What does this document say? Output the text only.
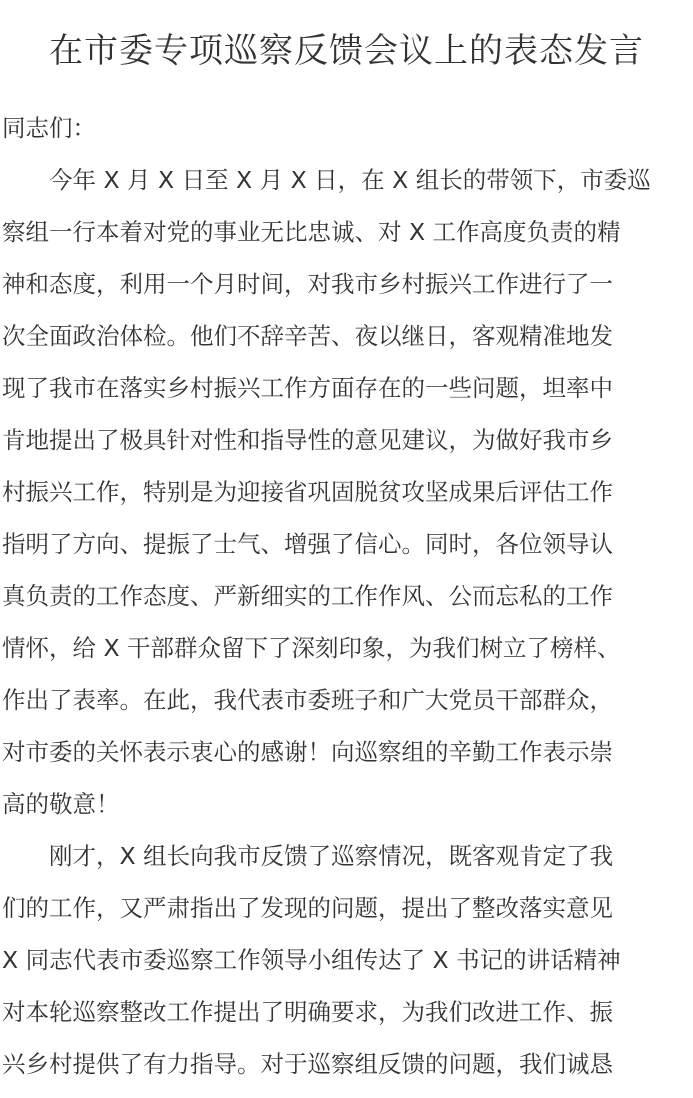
在市委专项巡察反馈会议上的表态发言
同志们：
　　今年 X 月 X 日至 X 月 X 日，在 X 组长的带领下，市委巡
察组一行本着对党的事业无比忠诚、对 X 工作高度负责的精
神和态度，利用一个月时间，对我市乡村振兴工作进行了一
次全面政治体检。他们不辞辛苦、夜以继日，客观精准地发
现了我市在落实乡村振兴工作方面存在的一些问题，坦率中
肯地提出了极具针对性和指导性的意见建议，为做好我市乡
村振兴工作，特别是为迎接省巩固脱贫攻坚成果后评估工作
指明了方向、提振了士气、增强了信心。同时，各位领导认
真负责的工作态度、严新细实的工作作风、公而忘私的工作
情怀，给 X 干部群众留下了深刻印象，为我们树立了榜样、
作出了表率。在此，我代表市委班子和广大党员干部群众，
对市委的关怀表示衷心的感谢！向巡察组的辛勤工作表示崇
高的敬意！
　　刚才，X 组长向我市反馈了巡察情况，既客观肯定了我
们的工作，又严肃指出了发现的问题，提出了整改落实意见
X 同志代表市委巡察工作领导小组传达了 X 书记的讲话精神
对本轮巡察整改工作提出了明确要求，为我们改进工作、振
兴乡村提供了有力指导。对于巡察组反馈的问题，我们诚恳
